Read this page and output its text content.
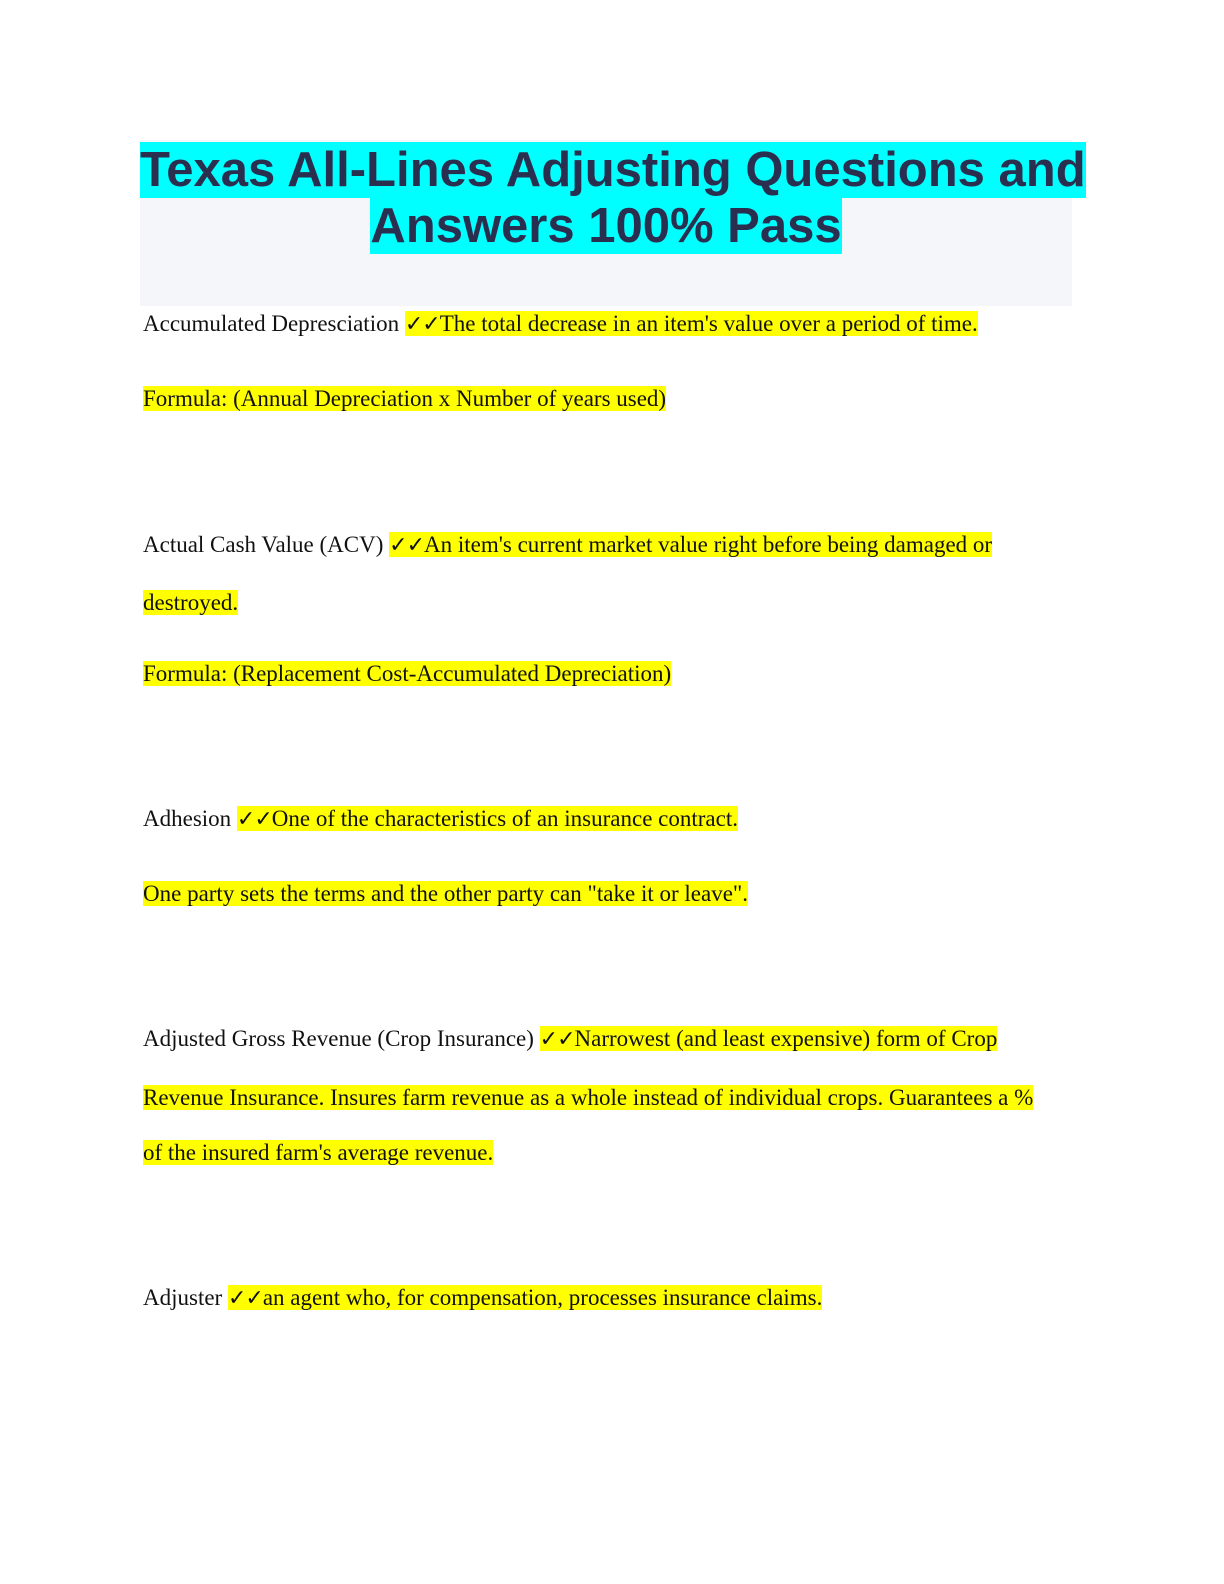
Texas All-Lines Adjusting Questions and
Answers 100% Pass
Accumulated Depresciation ✓✓The total decrease in an item's value over a period of time.
Formula: (Annual Depreciation x Number of years used)
Actual Cash Value (ACV) ✓✓An item's current market value right before being damaged or
destroyed.
Formula: (Replacement Cost-Accumulated Depreciation)
Adhesion ✓✓One of the characteristics of an insurance contract.
One party sets the terms and the other party can "take it or leave".
Adjusted Gross Revenue (Crop Insurance) ✓✓Narrowest (and least expensive) form of Crop
Revenue Insurance. Insures farm revenue as a whole instead of individual crops. Guarantees a %
of the insured farm's average revenue.
Adjuster ✓✓an agent who, for compensation, processes insurance claims.
